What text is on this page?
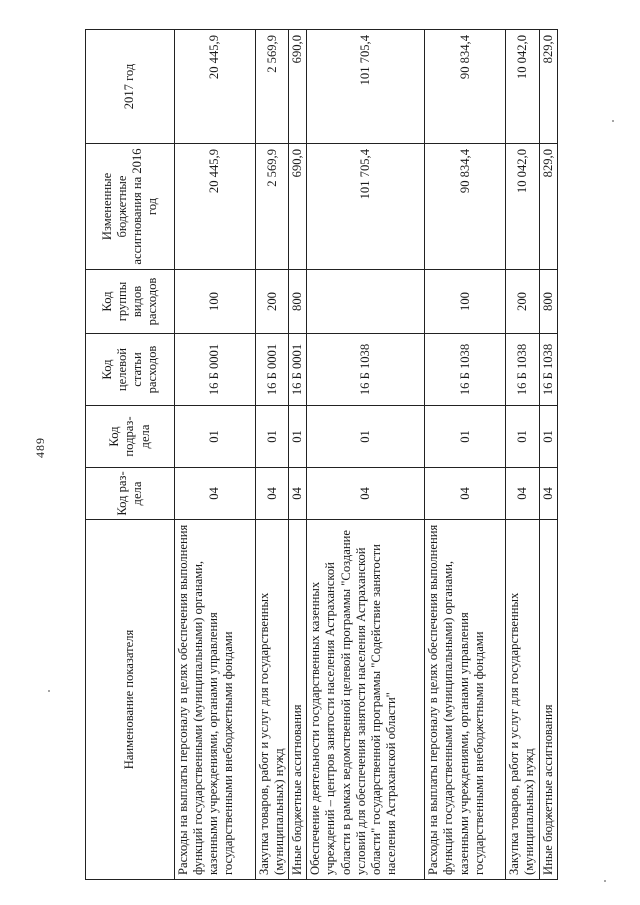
489
Наименование показателя	Код раз-дела	Код подраз-дела	Код целевой статьи расходов	Код группы видов расходов	Измененные бюджетные ассигнования на 2016 год	2017 год
Расходы на выплаты персоналу в целях обеспечения выполнения функций государственными (муниципальными) органами, казенными учреждениями, органами управления государственными внебюджетными фондами	04	01	16 Б 0001	100	20 445,9	20 445,9
Закупка товаров, работ и услуг для государственных (муниципальных) нужд	04	01	16 Б 0001	200	2 569,9	2 569,9
Иные бюджетные ассигнования	04	01	16 Б 0001	800	690,0	690,0
Обеспечение деятельности государственных казенных учреждений – центров занятости населения Астраханской области в рамках ведомственной целевой программы "Создание условий для обеспечения занятости населения Астраханской области" государственной программы "Содействие занятости населения Астраханской области"	04	01	16 Б 1038		101 705,4	101 705,4
Расходы на выплаты персоналу в целях обеспечения выполнения функций государственными (муниципальными) органами, казенными учреждениями, органами управления государственными внебюджетными фондами	04	01	16 Б 1038	100	90 834,4	90 834,4
Закупка товаров, работ и услуг для государственных (муниципальных) нужд	04	01	16 Б 1038	200	10 042,0	10 042,0
Иные бюджетные ассигнования	04	01	16 Б 1038	800	829,0	829,0
